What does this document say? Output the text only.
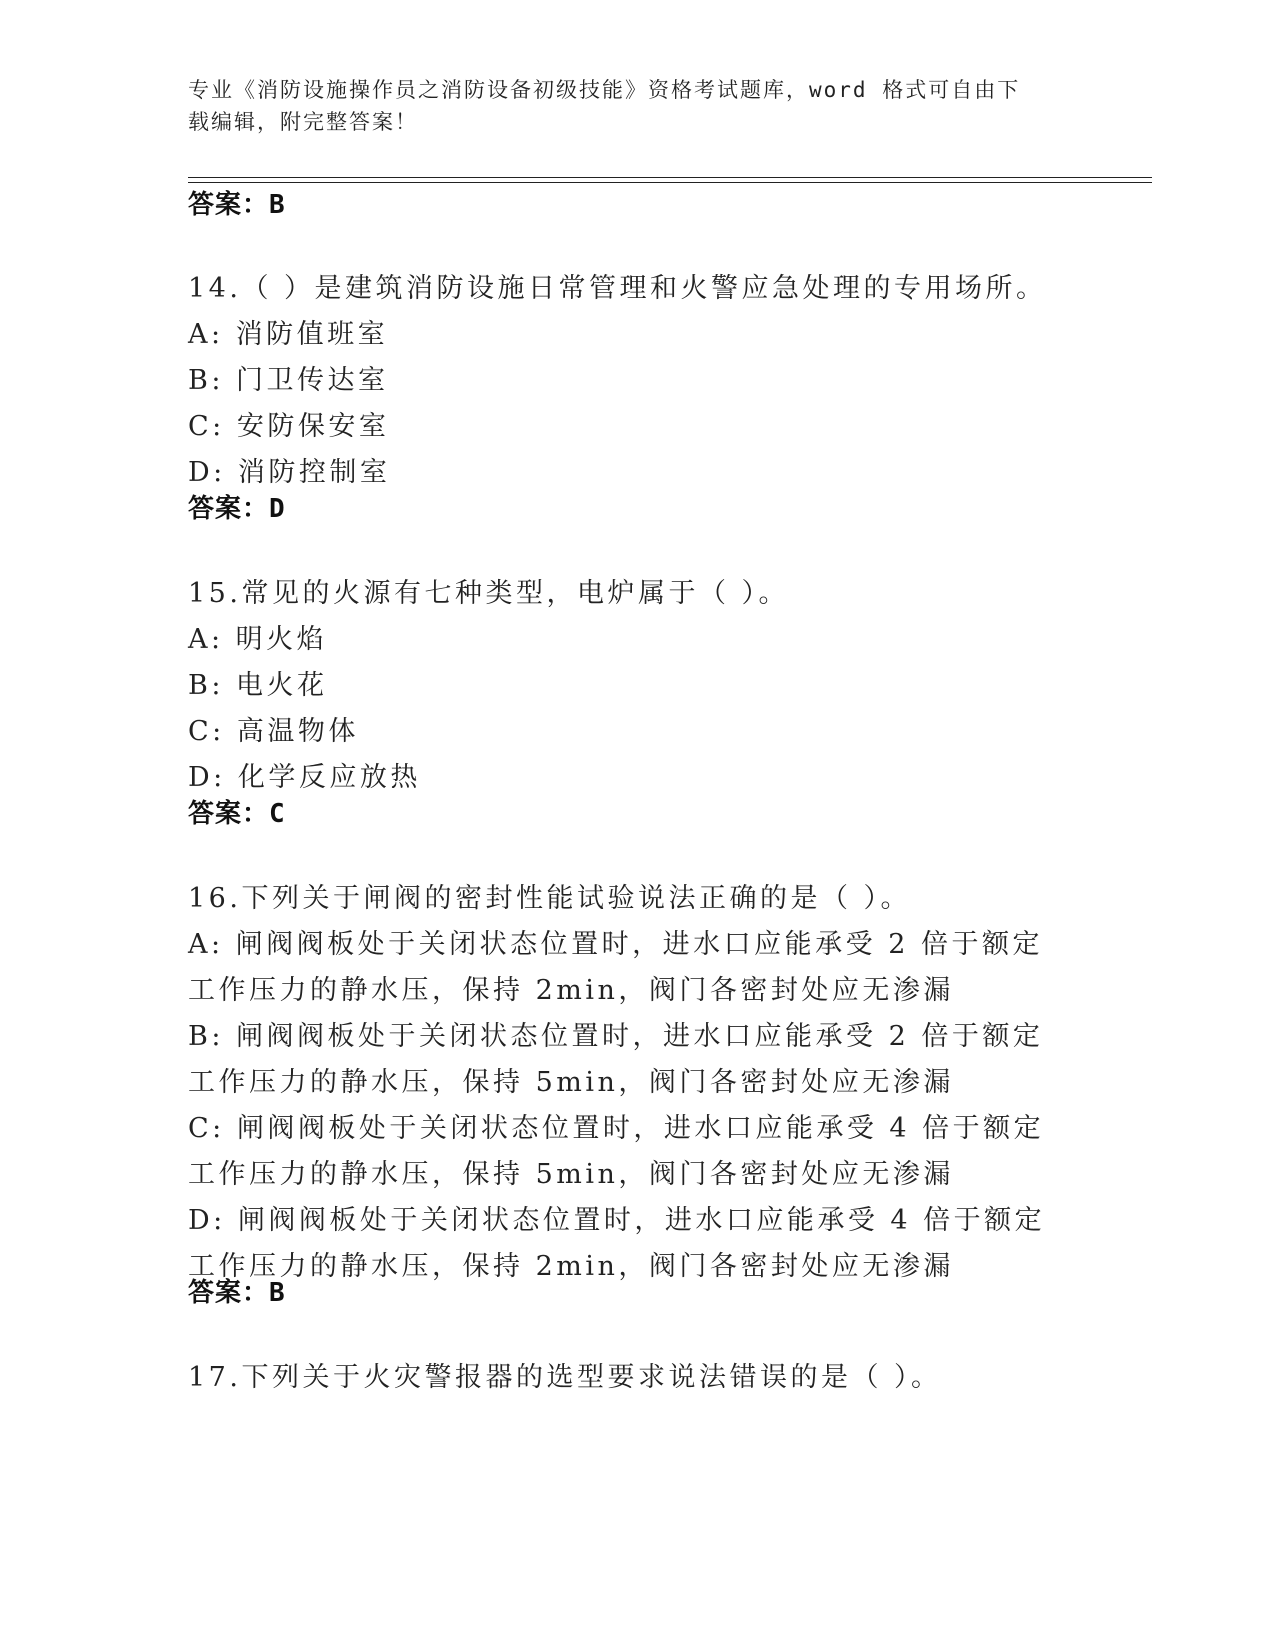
专业《消防设施操作员之消防设备初级技能》资格考试题库，word 格式可自由下
载编辑，附完整答案！
答案：B
14.（ ）是建筑消防设施日常管理和火警应急处理的专用场所。
A: 消防值班室
B: 门卫传达室
C: 安防保安室
D: 消防控制室
答案：D
15.常见的火源有七种类型，电炉属于（ ）。
A: 明火焰
B: 电火花
C: 高温物体
D: 化学反应放热
答案：C
16.下列关于闸阀的密封性能试验说法正确的是（ ）。
A: 闸阀阀板处于关闭状态位置时，进水口应能承受 2 倍于额定工作压力的静水压，保持 2min，阀门各密封处应无渗漏
B: 闸阀阀板处于关闭状态位置时，进水口应能承受 2 倍于额定工作压力的静水压，保持 5min，阀门各密封处应无渗漏
C: 闸阀阀板处于关闭状态位置时，进水口应能承受 4 倍于额定工作压力的静水压，保持 5min，阀门各密封处应无渗漏
D: 闸阀阀板处于关闭状态位置时，进水口应能承受 4 倍于额定工作压力的静水压，保持 2min，阀门各密封处应无渗漏
答案：B
17.下列关于火灾警报器的选型要求说法错误的是（ ）。
